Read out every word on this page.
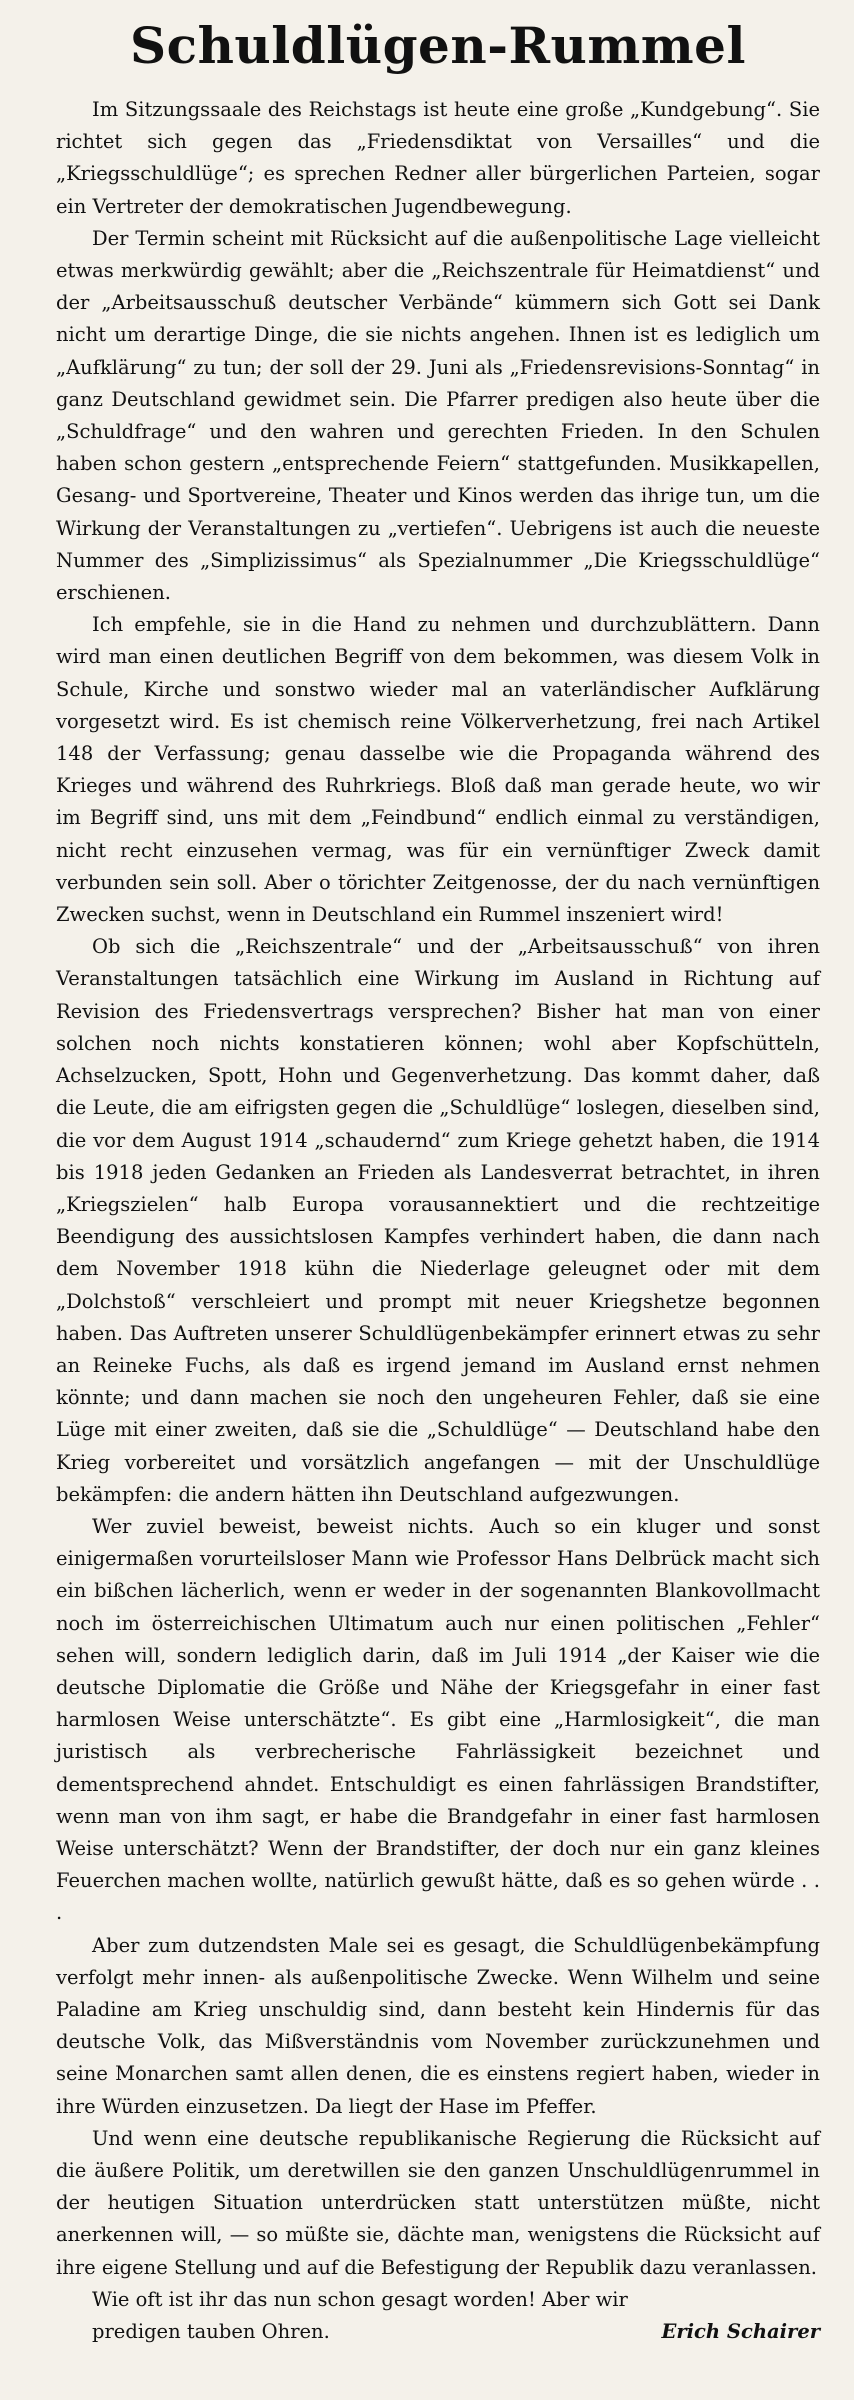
Schuldlügen-Rummel

Im Sitzungssaale des Reichstags ist heute eine große „Kundgebung“. Sie richtet sich gegen das „Friedensdiktat von Versailles“ und die „Kriegsschuldlüge“; es sprechen Redner aller bürgerlichen Parteien, sogar ein Vertreter der demokratischen Jugendbewegung.

Der Termin scheint mit Rücksicht auf die außenpolitische Lage vielleicht etwas merkwürdig gewählt; aber die „Reichszentrale für Heimatdienst“ und der „Arbeitsausschuß deutscher Verbände“ kümmern sich Gott sei Dank nicht um derartige Dinge, die sie nichts angehen. Ihnen ist es lediglich um „Aufklärung“ zu tun; der soll der 29. Juni als „Friedensrevisions-Sonntag“ in ganz Deutschland gewidmet sein. Die Pfarrer predigen also heute über die „Schuldfrage“ und den wahren und gerechten Frieden. In den Schulen haben schon gestern „entsprechende Feiern“ stattgefunden. Musikkapellen, Gesang- und Sportvereine, Theater und Kinos werden das ihrige tun, um die Wirkung der Veranstaltungen zu „vertiefen“. Uebrigens ist auch die neueste Nummer des „Simplizissimus“ als Spezialnummer „Die Kriegsschuldlüge“ erschienen.

Ich empfehle, sie in die Hand zu nehmen und durchzublättern. Dann wird man einen deutlichen Begriff von dem bekommen, was diesem Volk in Schule, Kirche und sonstwo wieder mal an vaterländischer Aufklärung vorgesetzt wird. Es ist chemisch reine Völkerverhetzung, frei nach Artikel 148 der Verfassung; genau dasselbe wie die Propaganda während des Krieges und während des Ruhrkriegs. Bloß daß man gerade heute, wo wir im Begriff sind, uns mit dem „Feindbund“ endlich einmal zu verständigen, nicht recht einzusehen vermag, was für ein vernünftiger Zweck damit verbunden sein soll. Aber o törichter Zeitgenosse, der du nach vernünftigen Zwecken suchst, wenn in Deutschland ein Rummel inszeniert wird!

Ob sich die „Reichszentrale“ und der „Arbeitsausschuß“ von ihren Veranstaltungen tatsächlich eine Wirkung im Ausland in Richtung auf Revision des Friedensvertrags versprechen? Bisher hat man von einer solchen noch nichts konstatieren können; wohl aber Kopfschütteln, Achselzucken, Spott, Hohn und Gegenverhetzung. Das kommt daher, daß die Leute, die am eifrigsten gegen die „Schuldlüge“ loslegen, dieselben sind, die vor dem August 1914 „schaudernd“ zum Kriege gehetzt haben, die 1914 bis 1918 jeden Gedanken an Frieden als Landesverrat betrachtet, in ihren „Kriegszielen“ halb Europa vorausannektiert und die rechtzeitige Beendigung des aussichtslosen Kampfes verhindert haben, die dann nach dem November 1918 kühn die Niederlage geleugnet oder mit dem „Dolchstoß“ verschleiert und prompt mit neuer Kriegshetze begonnen haben. Das Auftreten unserer Schuldlügenbekämpfer erinnert etwas zu sehr an Reineke Fuchs, als daß es irgend jemand im Ausland ernst nehmen könnte; und dann machen sie noch den ungeheuren Fehler, daß sie eine Lüge mit einer zweiten, daß sie die „Schuldlüge“ — Deutschland habe den Krieg vorbereitet und vorsätzlich angefangen — mit der Unschuldlüge bekämpfen: die andern hätten ihn Deutschland aufgezwungen.

Wer zuviel beweist, beweist nichts. Auch so ein kluger und sonst einigermaßen vorurteilsloser Mann wie Professor Hans Delbrück macht sich ein bißchen lächerlich, wenn er weder in der sogenannten Blankovollmacht noch im österreichischen Ultimatum auch nur einen politischen „Fehler“ sehen will, sondern lediglich darin, daß im Juli 1914 „der Kaiser wie die deutsche Diplomatie die Größe und Nähe der Kriegsgefahr in einer fast harmlosen Weise unterschätzte“. Es gibt eine „Harmlosigkeit“, die man juristisch als verbrecherische Fahrlässigkeit bezeichnet und dementsprechend ahndet. Entschuldigt es einen fahrlässigen Brandstifter, wenn man von ihm sagt, er habe die Brandgefahr in einer fast harmlosen Weise unterschätzt? Wenn der Brandstifter, der doch nur ein ganz kleines Feuerchen machen wollte, natürlich gewußt hätte, daß es so gehen würde . . .

Aber zum dutzendsten Male sei es gesagt, die Schuldlügenbekämpfung verfolgt mehr innen- als außenpolitische Zwecke. Wenn Wilhelm und seine Paladine am Krieg unschuldig sind, dann besteht kein Hindernis für das deutsche Volk, das Mißverständnis vom November zurückzunehmen und seine Monarchen samt allen denen, die es einstens regiert haben, wieder in ihre Würden einzusetzen. Da liegt der Hase im Pfeffer.

Und wenn eine deutsche republikanische Regierung die Rücksicht auf die äußere Politik, um deretwillen sie den ganzen Unschuldlügenrummel in der heutigen Situation unterdrücken statt unterstützen müßte, nicht anerkennen will, — so müßte sie, dächte man, wenigstens die Rücksicht auf ihre eigene Stellung und auf die Befestigung der Republik dazu veranlassen.

Wie oft ist ihr das nun schon gesagt worden! Aber wir

predigen tauben Ohren.	Erich Schairer
